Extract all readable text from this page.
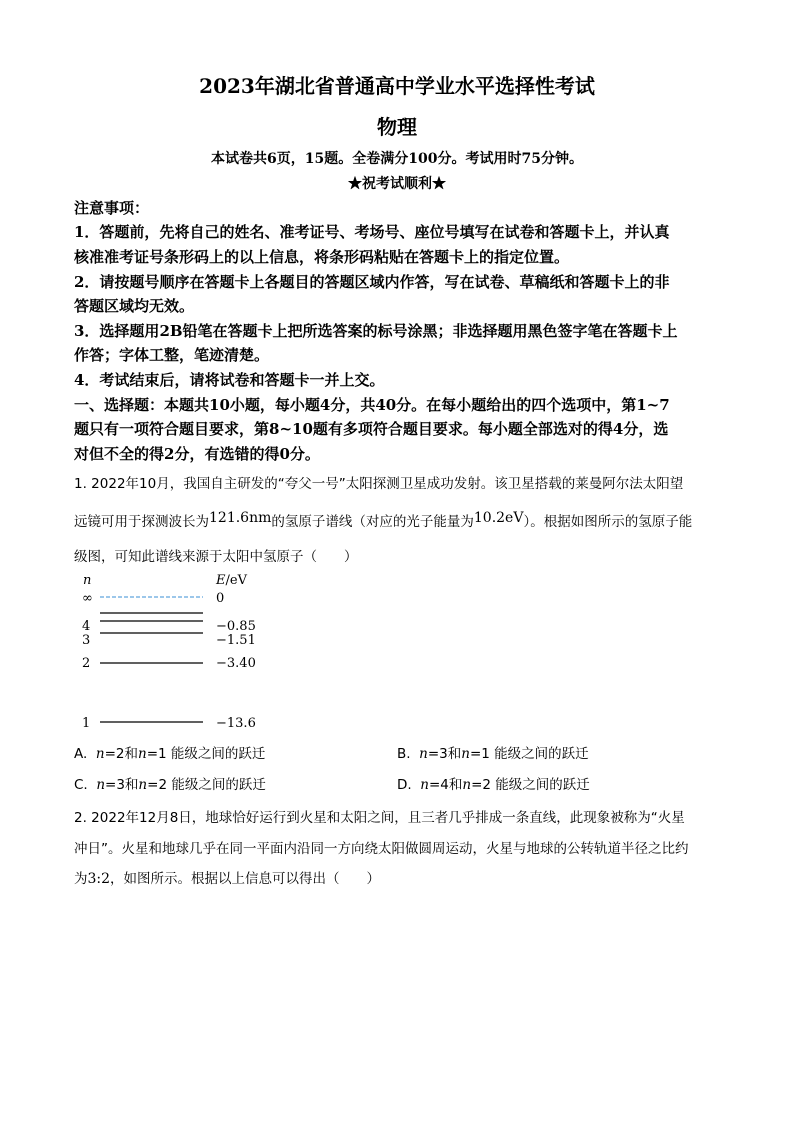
2023年湖北省普通高中学业水平选择性考试
物理
本试卷共6页，15题。全卷满分100分。考试用时75分钟。
★祝考试顺利★
注意事项：
1．答题前，先将自己的姓名、准考证号、考场号、座位号填写在试卷和答题卡上，并认真
核准准考证号条形码上的以上信息，将条形码粘贴在答题卡上的指定位置。
2．请按题号顺序在答题卡上各题目的答题区域内作答，写在试卷、草稿纸和答题卡上的非
答题区域均无效。
3．选择题用2B铅笔在答题卡上把所选答案的标号涂黑；非选择题用黑色签字笔在答题卡上
作答；字体工整，笔迹清楚。
4．考试结束后，请将试卷和答题卡一并上交。
一、选择题：本题共10小题，每小题4分，共40分。在每小题给出的四个选项中，第1~7
题只有一项符合题目要求，第8~10题有多项符合题目要求。每小题全部选对的得4分，选
对但不全的得2分，有选错的得0分。
1. 2022年10月，我国自主研发的“夸父一号”太阳探测卫星成功发射。该卫星搭载的莱曼阿尔法太阳望
远镜可用于探测波长为121.6nm的氢原子谱线（对应的光子能量为10.2eV）。根据如图所示的氢原子能
级图，可知此谱线来源于太阳中氢原子（　　）
n	E/eV
∞	0
4	−0.85
3	−1.51
2	−3.40
1	−13.6
A. n=2和n=1 能级之间的跃迁	B. n=3和n=1 能级之间的跃迁
C. n=3和n=2 能级之间的跃迁	D. n=4和n=2 能级之间的跃迁
2. 2022年12月8日，地球恰好运行到火星和太阳之间，且三者几乎排成一条直线，此现象被称为“火星
冲日”。火星和地球几乎在同一平面内沿同一方向绕太阳做圆周运动，火星与地球的公转轨道半径之比约
为3:2，如图所示。根据以上信息可以得出（　　）
